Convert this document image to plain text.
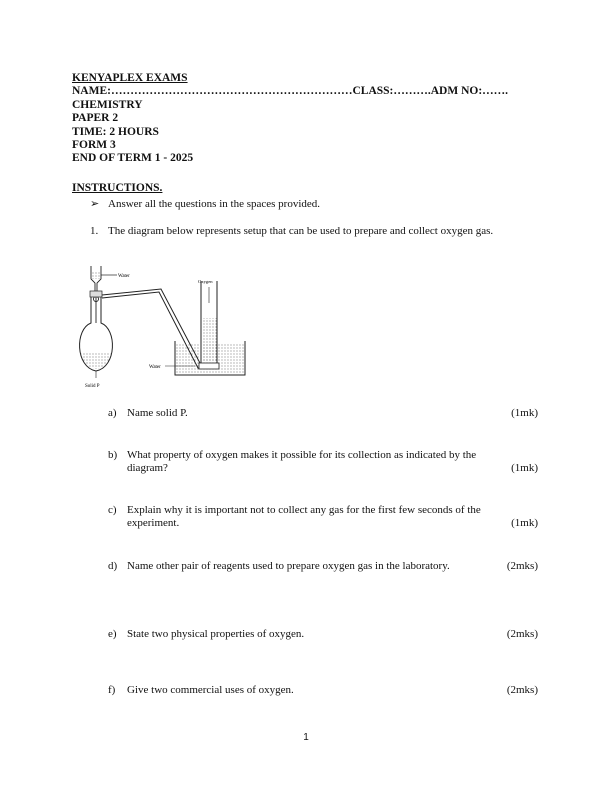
KENYAPLEX EXAMS
NAME:………………………………………………………CLASS:……….ADM NO:…….
CHEMISTRY
PAPER 2
TIME: 2 HOURS
FORM 3
END OF TERM 1 - 2025
INSTRUCTIONS.
➢ Answer all the questions in the spaces provided.
1. The diagram below represents setup that can be used to prepare and collect oxygen gas.
Water
Oxygen
Water
Solid P
a) Name solid P.	(1mk)
b) What property of oxygen makes it possible for its collection as indicated by the diagram?	(1mk)
c) Explain why it is important not to collect any gas for the first few seconds of the experiment.	(1mk)
d) Name other pair of reagents used to prepare oxygen gas in the laboratory.	(2mks)
e) State two physical properties of oxygen.	(2mks)
f) Give two commercial uses of oxygen.	(2mks)
1
